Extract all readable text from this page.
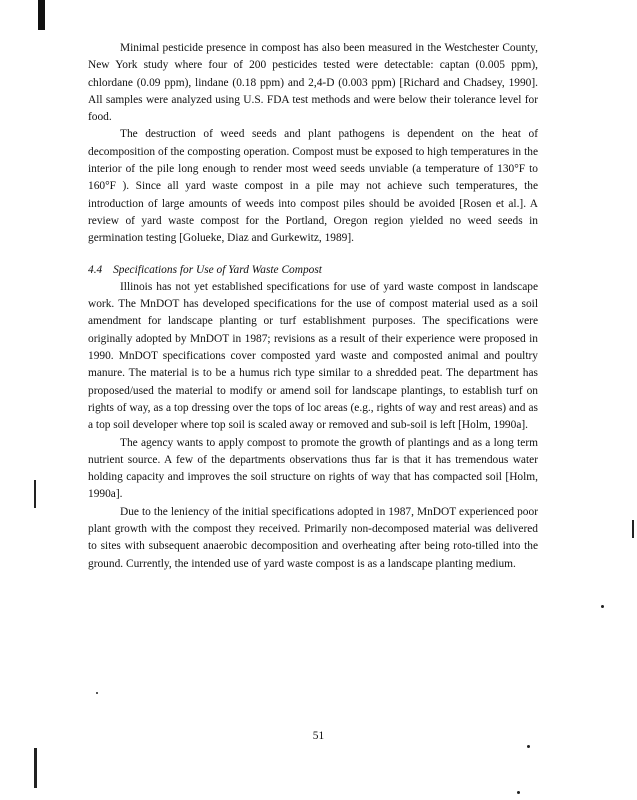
Minimal pesticide presence in compost has also been measured in the Westchester County, New York study where four of 200 pesticides tested were detectable: captan (0.005 ppm), chlordane (0.09 ppm), lindane (0.18 ppm) and 2,4-D (0.003 ppm) [Richard and Chadsey, 1990]. All samples were analyzed using U.S. FDA test methods and were below their tolerance level for food.

The destruction of weed seeds and plant pathogens is dependent on the heat of decomposition of the composting operation. Compost must be exposed to high temperatures in the interior of the pile long enough to render most weed seeds unviable (a temperature of 130°F to 160°F ). Since all yard waste compost in a pile may not achieve such temperatures, the introduction of large amounts of weeds into compost piles should be avoided [Rosen et al.]. A review of yard waste compost for the Portland, Oregon region yielded no weed seeds in germination testing [Golueke, Diaz and Gurkewitz, 1989].

4.4 Specifications for Use of Yard Waste Compost

Illinois has not yet established specifications for use of yard waste compost in landscape work. The MnDOT has developed specifications for the use of compost material used as a soil amendment for landscape planting or turf establishment purposes. The specifications were originally adopted by MnDOT in 1987; revisions as a result of their experience were proposed in 1990. MnDOT specifications cover composted yard waste and composted animal and poultry manure. The material is to be a humus rich type similar to a shredded peat. The department has proposed/used the material to modify or amend soil for landscape plantings, to establish turf on rights of way, as a top dressing over the tops of loc areas (e.g., rights of way and rest areas) and as a top soil developer where top soil is scaled away or removed and sub-soil is left [Holm, 1990a].

The agency wants to apply compost to promote the growth of plantings and as a long term nutrient source. A few of the departments observations thus far is that it has tremendous water holding capacity and improves the soil structure on rights of way that has compacted soil [Holm, 1990a].

Due to the leniency of the initial specifications adopted in 1987, MnDOT experienced poor plant growth with the compost they received. Primarily non-decomposed material was delivered to sites with subsequent anaerobic decomposition and overheating after being roto-tilled into the ground. Currently, the intended use of yard waste compost is as a landscape planting medium.

51
